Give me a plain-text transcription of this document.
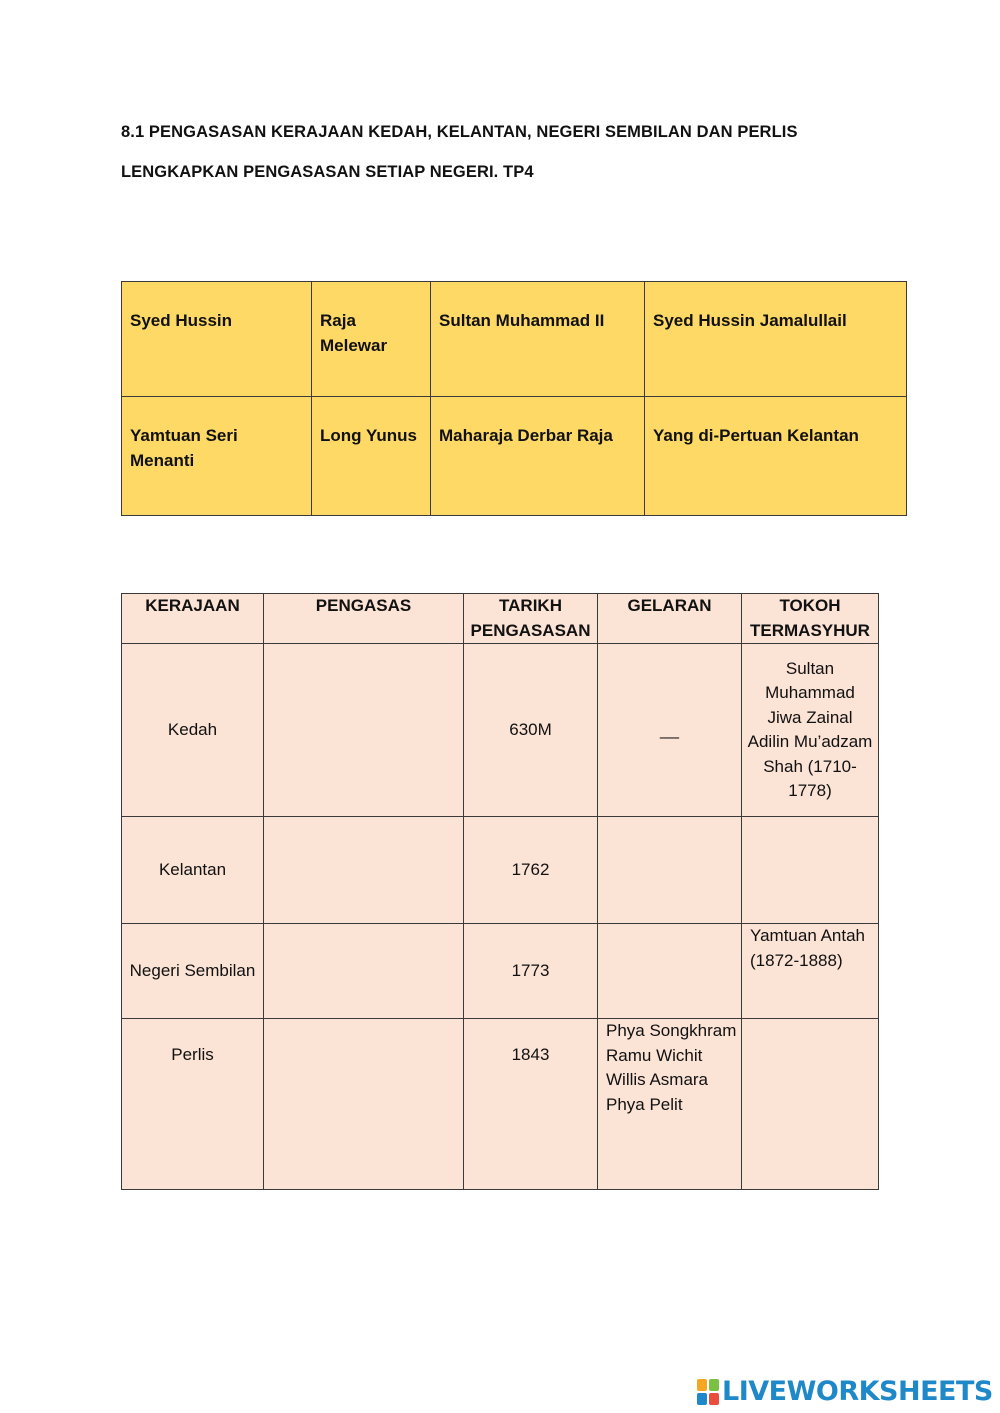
8.1 PENGASASAN KERAJAAN KEDAH, KELANTAN, NEGERI SEMBILAN DAN PERLIS
LENGKAPKAN PENGASASAN SETIAP NEGERI. TP4
Syed Hussin	Raja Melewar	Sultan Muhammad II	Syed Hussin Jamalullail
Yamtuan Seri Menanti	Long Yunus	Maharaja Derbar Raja	Yang di-Pertuan Kelantan
KERAJAAN	PENGASAS	TARIKH PENGASASAN	GELARAN	TOKOH TERMASYHUR
Kedah		630M	__	Sultan Muhammad Jiwa Zainal Adilin Mu’adzam Shah (1710-1778)
Kelantan		1762		
Negeri Sembilan		1773		Yamtuan Antah (1872-1888)
Perlis		1843	Phya Songkhram Ramu Wichit Willis Asmara Phya Pelit	
LIVEWORKSHEETS
